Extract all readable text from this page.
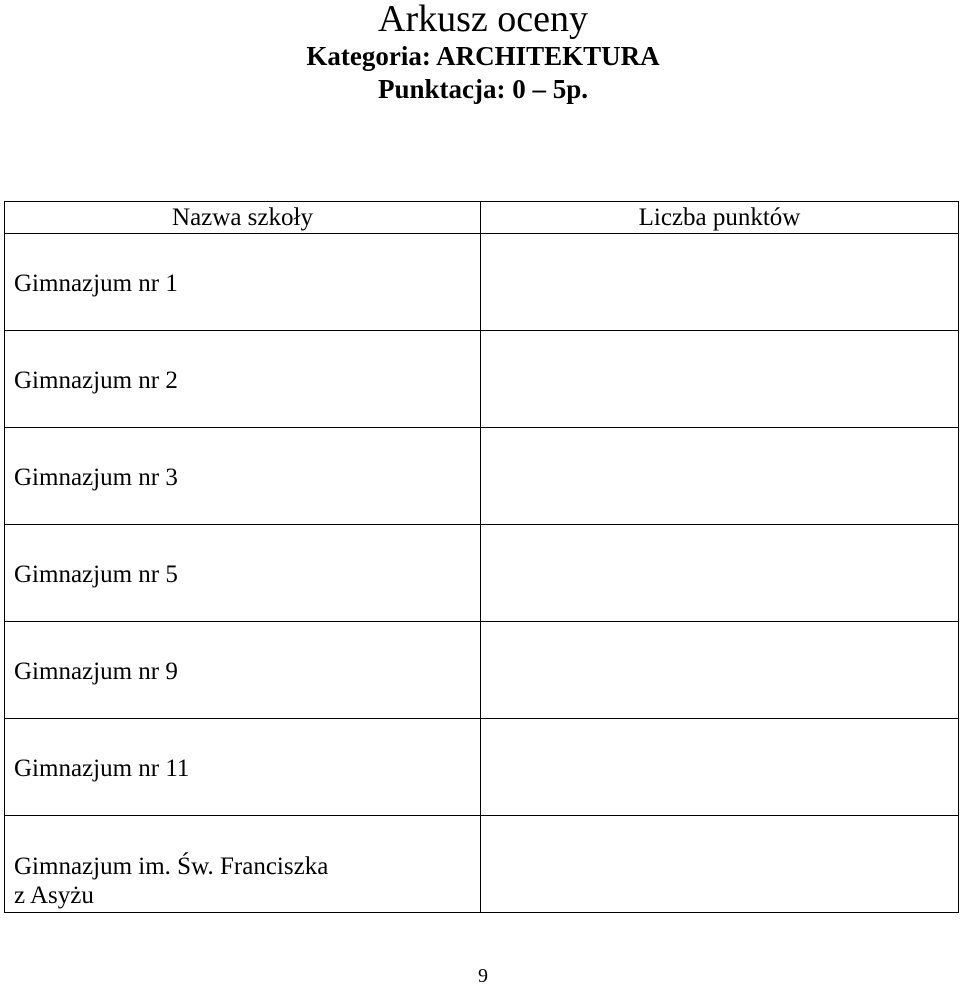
Arkusz oceny
Kategoria: ARCHITEKTURA
Punktacja: 0 – 5p.
Nazwa szkoły	Liczba punktów
Gimnazjum nr 1	
Gimnazjum nr 2	
Gimnazjum nr 3	
Gimnazjum nr 5	
Gimnazjum nr 9	
Gimnazjum nr 11	

Gimnazjum im. Św. Franciszka
z Asyżu	

9
